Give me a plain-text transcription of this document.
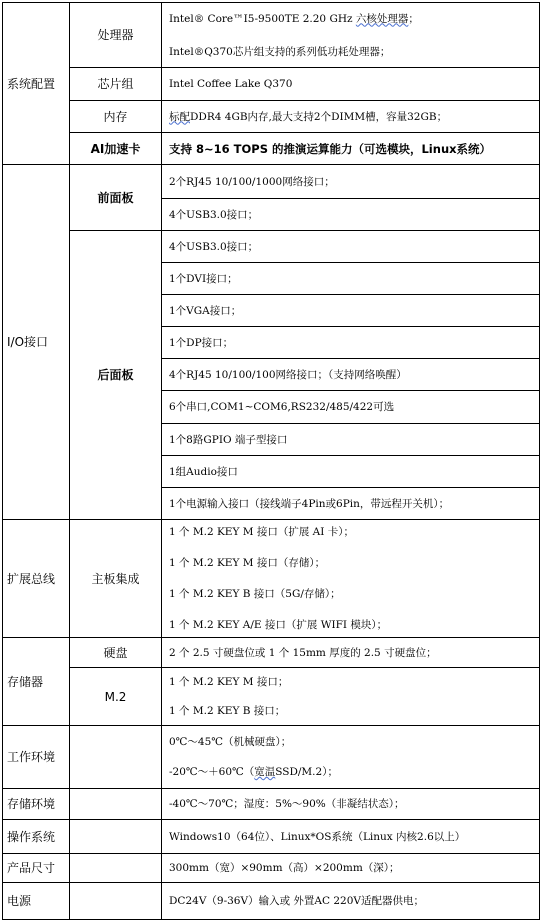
系统配置	处理器	Intel® Core™I5-9500TE 2.20 GHz 六核处理器；
Intel®Q370芯片组支持的系列低功耗处理器；

	芯片组	Intel Coffee Lake Q370
	内存	标配DDR4 4GB内存,最大支持2个DIMM槽，容量32GB；
	AI加速卡	支持 8~16 TOPS 的推演运算能力（可选模块，Linux系统）
I/O接口	前面板	2个RJ45 10/100/1000网络接口；
		4个USB3.0接口；
	后面板	4个USB3.0接口；
		1个DVI接口；
		1个VGA接口；
		1个DP接口；
		4个RJ45 10/100/100网络接口；（支持网络唤醒）
		6个串口,COM1~COM6,RS232/485/422可选
		1个8路GPIO 端子型接口
		1组Audio接口
		1个电源输入接口（接线端子4Pin或6Pin，带远程开关机）；
扩展总线	主板集成	1 个 M.2 KEY M 接口（扩展 AI 卡）；
1 个 M.2 KEY M 接口（存储）；
1 个 M.2 KEY B 接口（5G/存储）；
1 个 M.2 KEY A/E 接口（扩展 WIFI 模块）；

存储器	硬盘	2 个 2.5 寸硬盘位或 1 个 15mm 厚度的 2.5 寸硬盘位；
	M.2	1 个 M.2 KEY M 接口；
1 个 M.2 KEY B 接口；

工作环境		0℃～45℃（机械硬盘）；
-20℃～＋60℃（宽温SSD/M.2）；

存储环境		-40℃～70℃；湿度：5%～90%（非凝结状态）；
操作系统		Windows10（64位）、Linux*OS系统（Linux 内核2.6以上）
产品尺寸		300mm（宽）×90mm（高）×200mm（深）；
电源		DC24V（9-36V）输入或 外置AC 220V适配器供电；
